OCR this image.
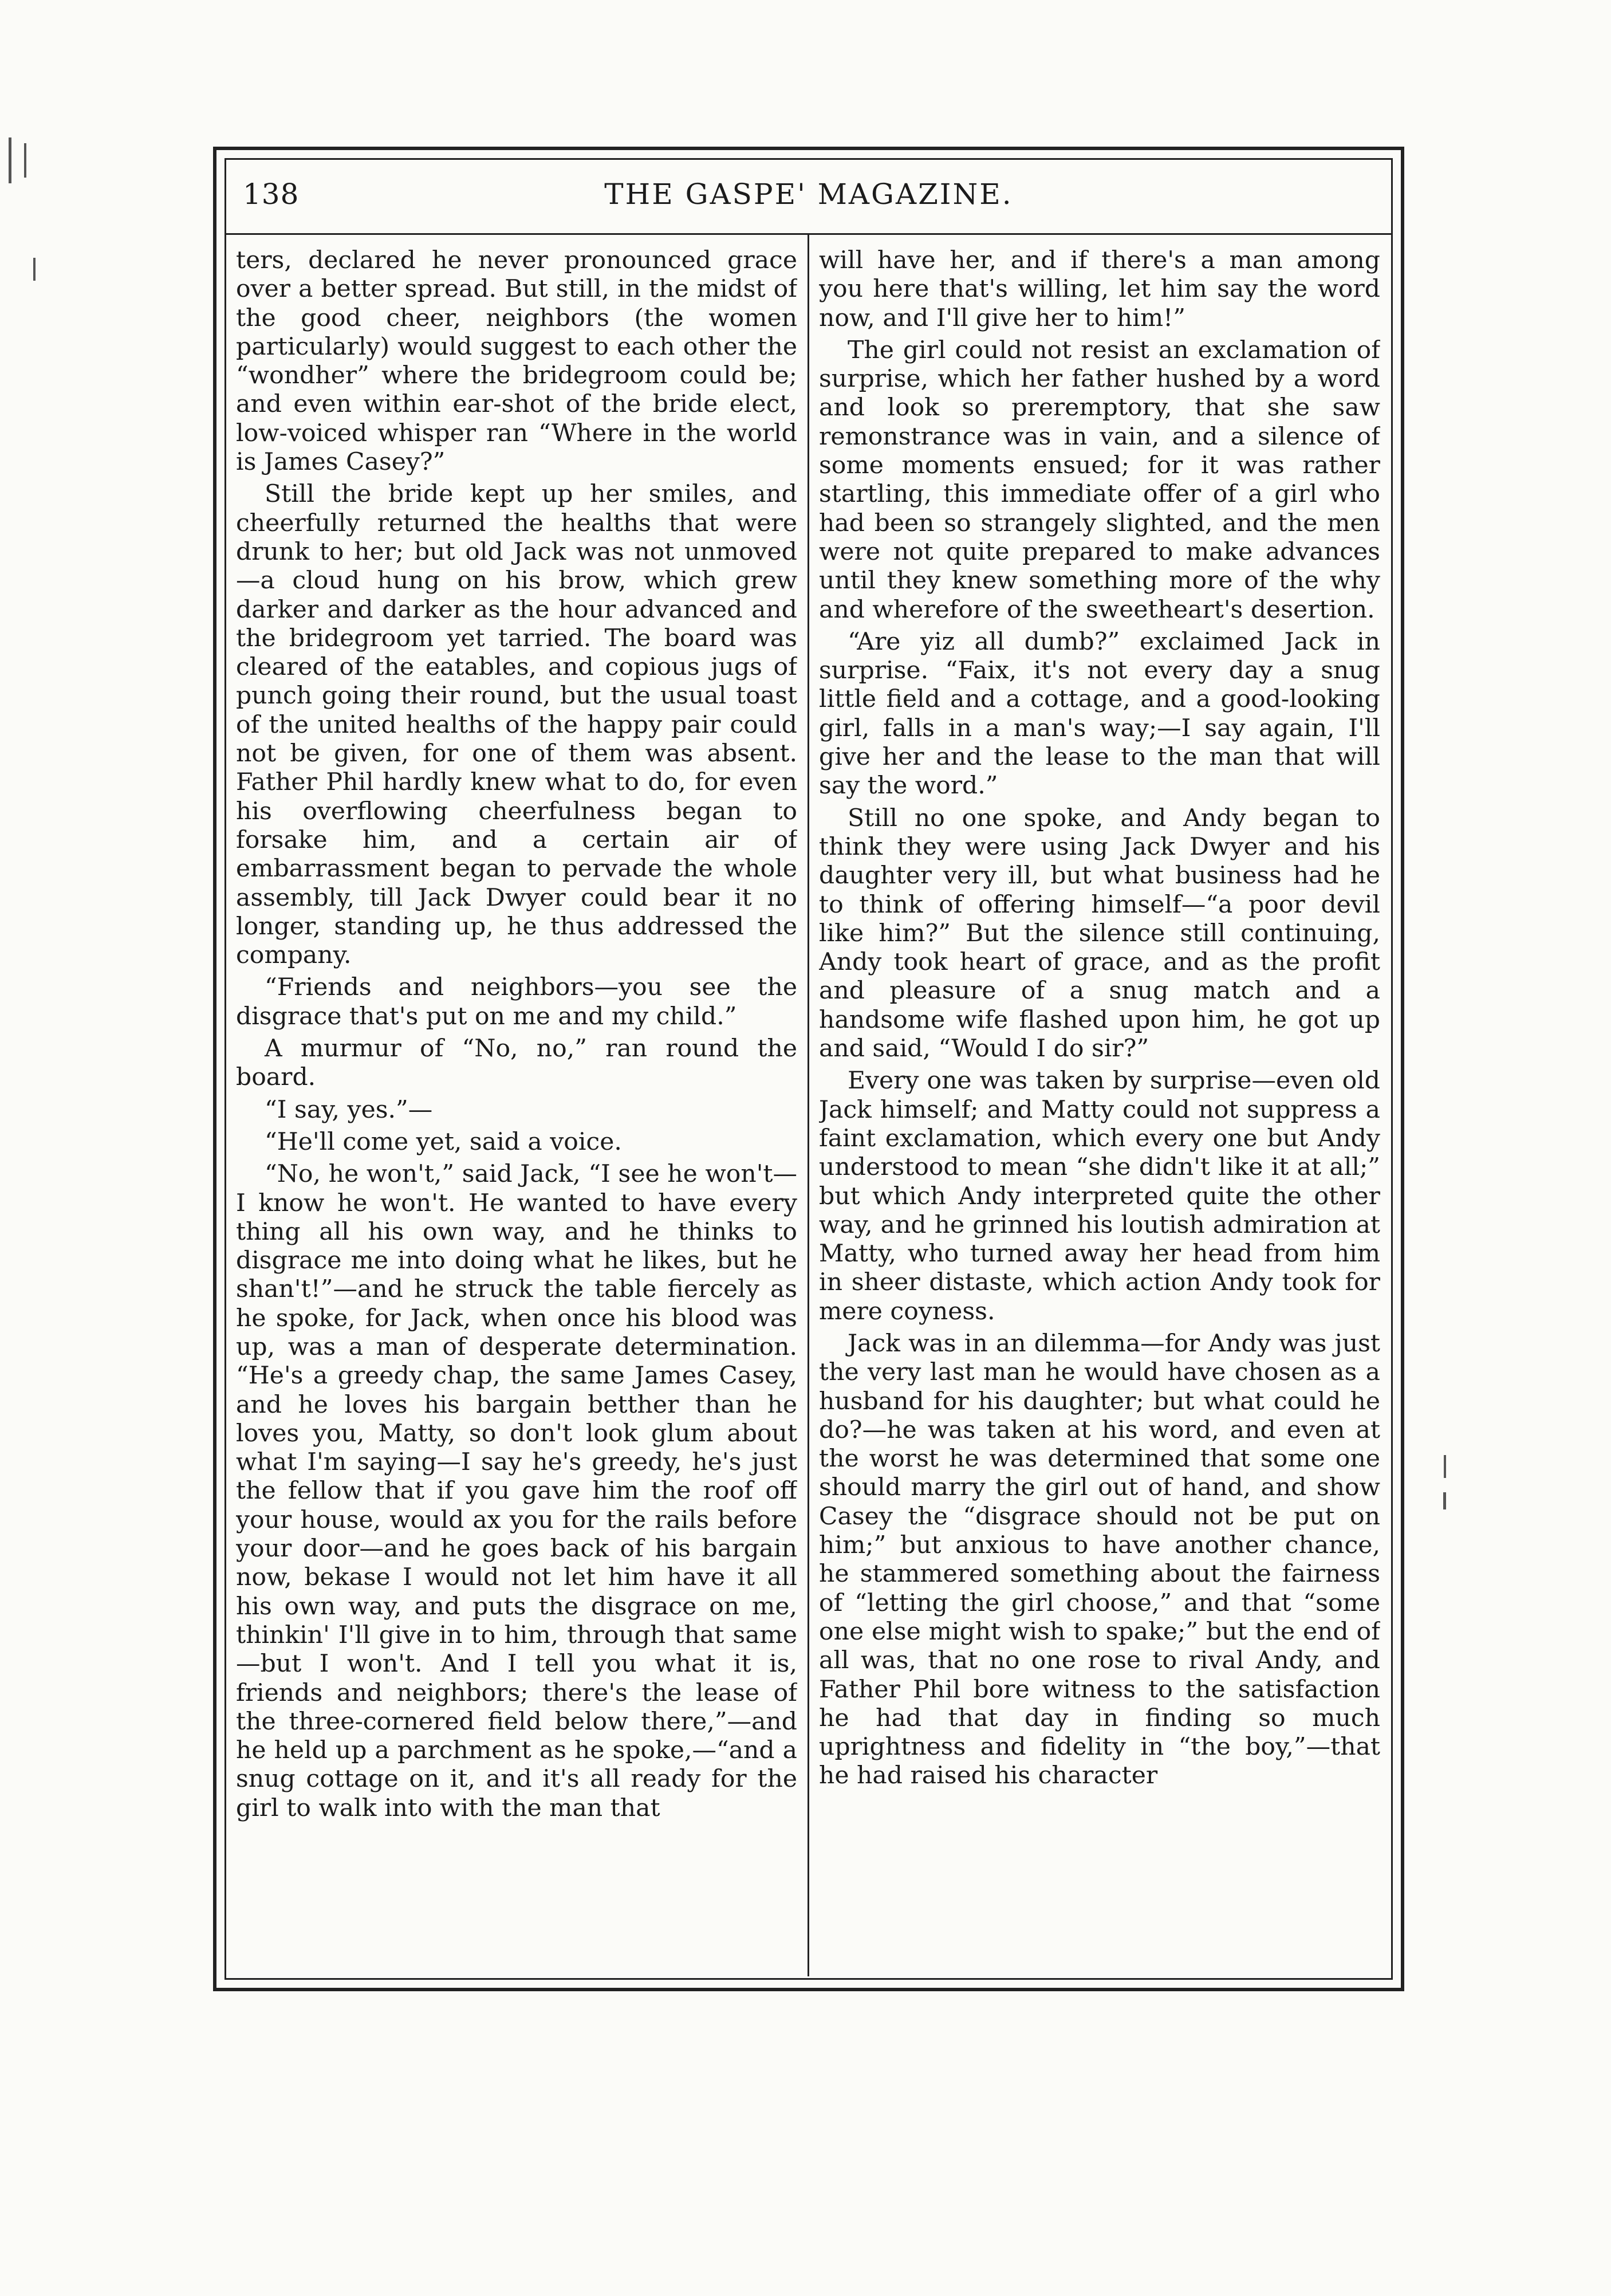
138	THE GASPE' MAGAZINE.

ters, declared he never pronounced grace over a better spread. But still, in the midst of the good cheer, neighbors (the women particularly) would suggest to each other the “wondher” where the bridegroom could be; and even within ear-shot of the bride elect, low-voiced whisper ran “Where in the world is James Casey?”

Still the bride kept up her smiles, and cheerfully returned the healths that were drunk to her; but old Jack was not unmoved—a cloud hung on his brow, which grew darker and darker as the hour advanced and the bridegroom yet tarried. The board was cleared of the eatables, and copious jugs of punch going their round, but the usual toast of the united healths of the happy pair could not be given, for one of them was absent. Father Phil hardly knew what to do, for even his overflowing cheerfulness began to forsake him, and a certain air of embarrassment began to pervade the whole assembly, till Jack Dwyer could bear it no longer, standing up, he thus addressed the company.

“Friends and neighbors—you see the disgrace that's put on me and my child.”

A murmur of “No, no,” ran round the board.

“I say, yes.”—

“He'll come yet, said a voice.

“No, he won't,” said Jack, “I see he won't—I know he won't. He wanted to have every thing all his own way, and he thinks to disgrace me into doing what he likes, but he shan't!”—and he struck the table fiercely as he spoke, for Jack, when once his blood was up, was a man of desperate determination. “He's a greedy chap, the same James Casey, and he loves his bargain betther than he loves you, Matty, so don't look glum about what I'm saying—I say he's greedy, he's just the fellow that if you gave him the roof off your house, would ax you for the rails before your door—and he goes back of his bargain now, bekase I would not let him have it all his own way, and puts the disgrace on me, thinkin' I'll give in to him, through that same—but I won't. And I tell you what it is, friends and neighbors; there's the lease of the three-cornered field below there,”—and he held up a parchment as he spoke,—“and a snug cottage on it, and it's all ready for the girl to walk into with the man that

will have her, and if there's a man among you here that's willing, let him say the word now, and I'll give her to him!”

The girl could not resist an exclamation of surprise, which her father hushed by a word and look so preremptory, that she saw remonstrance was in vain, and a silence of some moments ensued; for it was rather startling, this immediate offer of a girl who had been so strangely slighted, and the men were not quite prepared to make advances until they knew something more of the why and wherefore of the sweetheart's desertion.

“Are yiz all dumb?” exclaimed Jack in surprise. “Faix, it's not every day a snug little field and a cottage, and a good-looking girl, falls in a man's way;—I say again, I'll give her and the lease to the man that will say the word.”

Still no one spoke, and Andy began to think they were using Jack Dwyer and his daughter very ill, but what business had he to think of offering himself—“a poor devil like him?” But the silence still continuing, Andy took heart of grace, and as the profit and pleasure of a snug match and a handsome wife flashed upon him, he got up and said, “Would I do sir?”

Every one was taken by surprise—even old Jack himself; and Matty could not suppress a faint exclamation, which every one but Andy understood to mean “she didn't like it at all;” but which Andy interpreted quite the other way, and he grinned his loutish admiration at Matty, who turned away her head from him in sheer distaste, which action Andy took for mere coyness.

Jack was in an dilemma—for Andy was just the very last man he would have chosen as a husband for his daughter; but what could he do?—he was taken at his word, and even at the worst he was determined that some one should marry the girl out of hand, and show Casey the “disgrace should not be put on him;” but anxious to have another chance, he stammered something about the fairness of “letting the girl choose,” and that “some one else might wish to spake;” but the end of all was, that no one rose to rival Andy, and Father Phil bore witness to the satisfaction he had that day in finding so much uprightness and fidelity in “the boy,”—that he had raised his character
